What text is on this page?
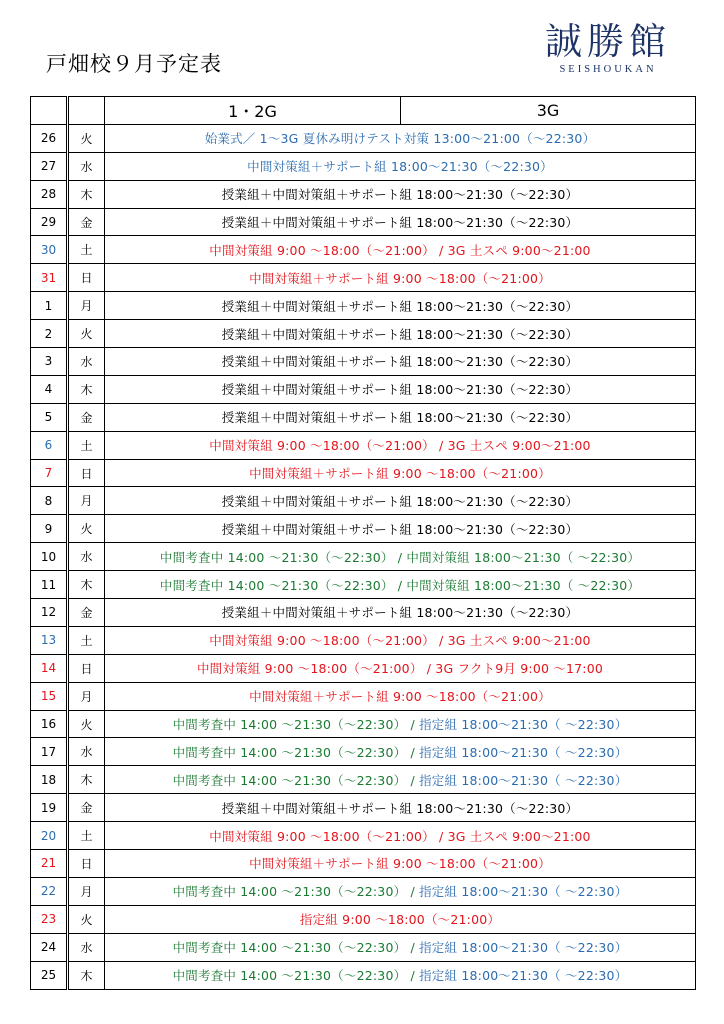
戸畑校９月予定表
誠勝館
SEISHOUKAN
		1・2G	3G
26	火	始業式／ 1～3G 夏休み明けテスト対策 13:00～21:00（～22:30）	
27	水	中間対策組＋サポート組 18:00～21:30（～22:30）	
28	木	授業組＋中間対策組＋サポート組 18:00～21:30（～22:30）	
29	金	授業組＋中間対策組＋サポート組 18:00～21:30（～22:30）	
30	土	中間対策組 9:00 ～18:00（～21:00） / 3G 土スペ 9:00～21:00	
31	日	中間対策組＋サポート組 9:00 ～18:00（～21:00）	
1	月	授業組＋中間対策組＋サポート組 18:00～21:30（～22:30）	
2	火	授業組＋中間対策組＋サポート組 18:00～21:30（～22:30）	
3	水	授業組＋中間対策組＋サポート組 18:00～21:30（～22:30）	
4	木	授業組＋中間対策組＋サポート組 18:00～21:30（～22:30）	
5	金	授業組＋中間対策組＋サポート組 18:00～21:30（～22:30）	
6	土	中間対策組 9:00 ～18:00（～21:00） / 3G 土スペ 9:00～21:00	
7	日	中間対策組＋サポート組 9:00 ～18:00（～21:00）	
8	月	授業組＋中間対策組＋サポート組 18:00～21:30（～22:30）	
9	火	授業組＋中間対策組＋サポート組 18:00～21:30（～22:30）	
10	水	中間考査中 14:00 ～21:30（～22:30） / 中間対策組 18:00～21:30（ ～22:30）	
11	木	中間考査中 14:00 ～21:30（～22:30） / 中間対策組 18:00～21:30（ ～22:30）	
12	金	授業組＋中間対策組＋サポート組 18:00～21:30（～22:30）	
13	土	中間対策組 9:00 ～18:00（～21:00） / 3G 土スペ 9:00～21:00	
14	日	中間対策組 9:00 ～18:00（～21:00） / 3G フクト9月 9:00 ～17:00	
15	月	中間対策組＋サポート組 9:00 ～18:00（～21:00）	
16	火	中間考査中 14:00 ～21:30（～22:30） / 指定組 18:00～21:30（ ～22:30）	
17	水	中間考査中 14:00 ～21:30（～22:30） / 指定組 18:00～21:30（ ～22:30）	
18	木	中間考査中 14:00 ～21:30（～22:30） / 指定組 18:00～21:30（ ～22:30）	
19	金	授業組＋中間対策組＋サポート組 18:00～21:30（～22:30）	
20	土	中間対策組 9:00 ～18:00（～21:00） / 3G 土スペ 9:00～21:00	
21	日	中間対策組＋サポート組 9:00 ～18:00（～21:00）	
22	月	中間考査中 14:00 ～21:30（～22:30） / 指定組 18:00～21:30（ ～22:30）	
23	火	指定組 9:00 ～18:00（～21:00）	
24	水	中間考査中 14:00 ～21:30（～22:30） / 指定組 18:00～21:30（ ～22:30）	
25	木	中間考査中 14:00 ～21:30（～22:30） / 指定組 18:00～21:30（ ～22:30）	
